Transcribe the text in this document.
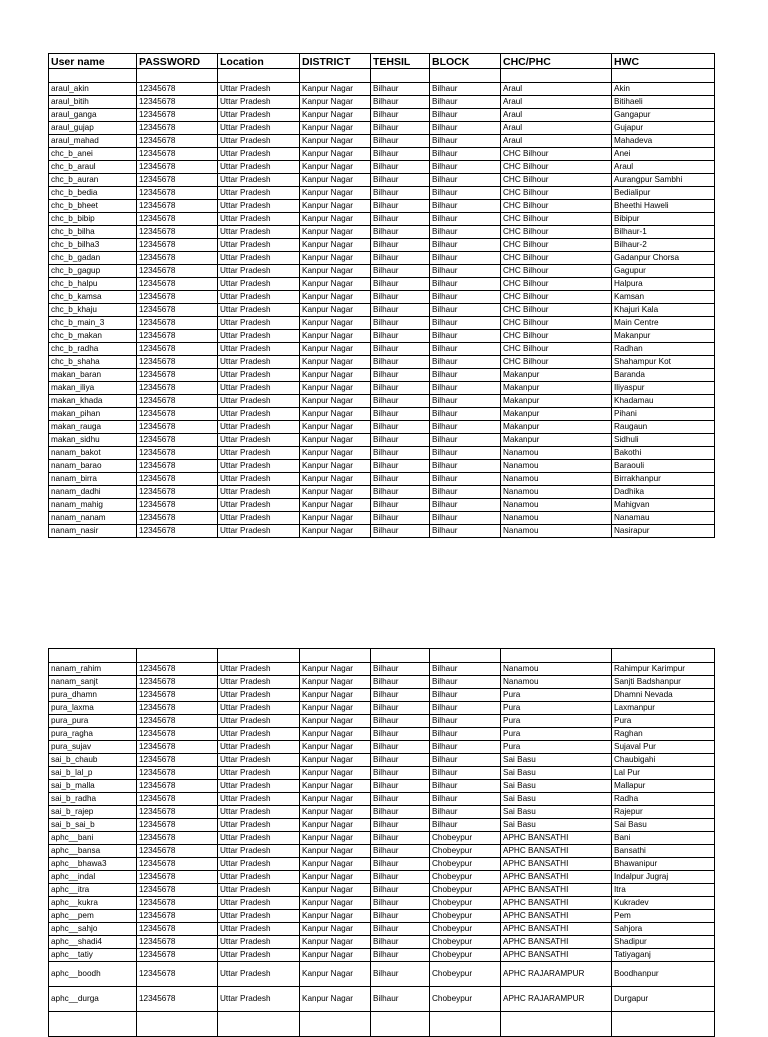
User name	PASSWORD	Location	DISTRICT	TEHSIL	BLOCK	CHC/PHC	HWC

araul_akin	12345678	Uttar Pradesh	Kanpur Nagar	Bilhaur	Bilhaur	Araul	Akin
araul_bitih	12345678	Uttar Pradesh	Kanpur Nagar	Bilhaur	Bilhaur	Araul	Bitihaeli
araul_ganga	12345678	Uttar Pradesh	Kanpur Nagar	Bilhaur	Bilhaur	Araul	Gangapur
araul_gujap	12345678	Uttar Pradesh	Kanpur Nagar	Bilhaur	Bilhaur	Araul	Gujapur
araul_mahad	12345678	Uttar Pradesh	Kanpur Nagar	Bilhaur	Bilhaur	Araul	Mahadeva
chc_b_anei	12345678	Uttar Pradesh	Kanpur Nagar	Bilhaur	Bilhaur	CHC Bilhour	Anei
chc_b_araul	12345678	Uttar Pradesh	Kanpur Nagar	Bilhaur	Bilhaur	CHC Bilhour	Araul
chc_b_auran	12345678	Uttar Pradesh	Kanpur Nagar	Bilhaur	Bilhaur	CHC Bilhour	Aurangpur Sambhi
chc_b_bedia	12345678	Uttar Pradesh	Kanpur Nagar	Bilhaur	Bilhaur	CHC Bilhour	Bedialipur
chc_b_bheet	12345678	Uttar Pradesh	Kanpur Nagar	Bilhaur	Bilhaur	CHC Bilhour	Bheethi Haweli
chc_b_bibip	12345678	Uttar Pradesh	Kanpur Nagar	Bilhaur	Bilhaur	CHC Bilhour	Bibipur
chc_b_bilha	12345678	Uttar Pradesh	Kanpur Nagar	Bilhaur	Bilhaur	CHC Bilhour	Bilhaur-1
chc_b_bilha3	12345678	Uttar Pradesh	Kanpur Nagar	Bilhaur	Bilhaur	CHC Bilhour	Bilhaur-2
chc_b_gadan	12345678	Uttar Pradesh	Kanpur Nagar	Bilhaur	Bilhaur	CHC Bilhour	Gadanpur Chorsa
chc_b_gagup	12345678	Uttar Pradesh	Kanpur Nagar	Bilhaur	Bilhaur	CHC Bilhour	Gagupur
chc_b_halpu	12345678	Uttar Pradesh	Kanpur Nagar	Bilhaur	Bilhaur	CHC Bilhour	Halpura
chc_b_kamsa	12345678	Uttar Pradesh	Kanpur Nagar	Bilhaur	Bilhaur	CHC Bilhour	Kamsan
chc_b_khaju	12345678	Uttar Pradesh	Kanpur Nagar	Bilhaur	Bilhaur	CHC Bilhour	Khajuri Kala
chc_b_main_3	12345678	Uttar Pradesh	Kanpur Nagar	Bilhaur	Bilhaur	CHC Bilhour	Main Centre
chc_b_makan	12345678	Uttar Pradesh	Kanpur Nagar	Bilhaur	Bilhaur	CHC Bilhour	Makanpur
chc_b_radha	12345678	Uttar Pradesh	Kanpur Nagar	Bilhaur	Bilhaur	CHC Bilhour	Radhan
chc_b_shaha	12345678	Uttar Pradesh	Kanpur Nagar	Bilhaur	Bilhaur	CHC Bilhour	Shahampur Kot
makan_baran	12345678	Uttar Pradesh	Kanpur Nagar	Bilhaur	Bilhaur	Makanpur	Baranda
makan_iliya	12345678	Uttar Pradesh	Kanpur Nagar	Bilhaur	Bilhaur	Makanpur	Iliyaspur
makan_khada	12345678	Uttar Pradesh	Kanpur Nagar	Bilhaur	Bilhaur	Makanpur	Khadamau
makan_pihan	12345678	Uttar Pradesh	Kanpur Nagar	Bilhaur	Bilhaur	Makanpur	Pihani
makan_rauga	12345678	Uttar Pradesh	Kanpur Nagar	Bilhaur	Bilhaur	Makanpur	Raugaun
makan_sidhu	12345678	Uttar Pradesh	Kanpur Nagar	Bilhaur	Bilhaur	Makanpur	Sidhuli
nanam_bakot	12345678	Uttar Pradesh	Kanpur Nagar	Bilhaur	Bilhaur	Nanamou	Bakothi
nanam_barao	12345678	Uttar Pradesh	Kanpur Nagar	Bilhaur	Bilhaur	Nanamou	Baraouli
nanam_birra	12345678	Uttar Pradesh	Kanpur Nagar	Bilhaur	Bilhaur	Nanamou	Birrakhanpur
nanam_dadhi	12345678	Uttar Pradesh	Kanpur Nagar	Bilhaur	Bilhaur	Nanamou	Dadhika
nanam_mahig	12345678	Uttar Pradesh	Kanpur Nagar	Bilhaur	Bilhaur	Nanamou	Mahigvan
nanam_nanam	12345678	Uttar Pradesh	Kanpur Nagar	Bilhaur	Bilhaur	Nanamou	Nanamau
nanam_nasir	12345678	Uttar Pradesh	Kanpur Nagar	Bilhaur	Bilhaur	Nanamou	Nasirapur

nanam_rahim	12345678	Uttar Pradesh	Kanpur Nagar	Bilhaur	Bilhaur	Nanamou	Rahimpur Karimpur
nanam_sanjt	12345678	Uttar Pradesh	Kanpur Nagar	Bilhaur	Bilhaur	Nanamou	Sanjti Badshanpur
pura_dhamn	12345678	Uttar Pradesh	Kanpur Nagar	Bilhaur	Bilhaur	Pura	Dhamni Nevada
pura_laxma	12345678	Uttar Pradesh	Kanpur Nagar	Bilhaur	Bilhaur	Pura	Laxmanpur
pura_pura	12345678	Uttar Pradesh	Kanpur Nagar	Bilhaur	Bilhaur	Pura	Pura
pura_ragha	12345678	Uttar Pradesh	Kanpur Nagar	Bilhaur	Bilhaur	Pura	Raghan
pura_sujav	12345678	Uttar Pradesh	Kanpur Nagar	Bilhaur	Bilhaur	Pura	Sujaval Pur
sai_b_chaub	12345678	Uttar Pradesh	Kanpur Nagar	Bilhaur	Bilhaur	Sai Basu	Chaubigahi
sai_b_lal_p	12345678	Uttar Pradesh	Kanpur Nagar	Bilhaur	Bilhaur	Sai Basu	Lal Pur
sai_b_malla	12345678	Uttar Pradesh	Kanpur Nagar	Bilhaur	Bilhaur	Sai Basu	Mallapur
sai_b_radha	12345678	Uttar Pradesh	Kanpur Nagar	Bilhaur	Bilhaur	Sai Basu	Radha
sai_b_rajep	12345678	Uttar Pradesh	Kanpur Nagar	Bilhaur	Bilhaur	Sai Basu	Rajepur
sai_b_sai_b	12345678	Uttar Pradesh	Kanpur Nagar	Bilhaur	Bilhaur	Sai Basu	Sai Basu
aphc__bani	12345678	Uttar Pradesh	Kanpur Nagar	Bilhaur	Chobeypur	APHC BANSATHI	Bani
aphc__bansa	12345678	Uttar Pradesh	Kanpur Nagar	Bilhaur	Chobeypur	APHC BANSATHI	Bansathi
aphc__bhawa3	12345678	Uttar Pradesh	Kanpur Nagar	Bilhaur	Chobeypur	APHC BANSATHI	Bhawanipur
aphc__indal	12345678	Uttar Pradesh	Kanpur Nagar	Bilhaur	Chobeypur	APHC BANSATHI	Indalpur Jugraj
aphc__itra	12345678	Uttar Pradesh	Kanpur Nagar	Bilhaur	Chobeypur	APHC BANSATHI	Itra
aphc__kukra	12345678	Uttar Pradesh	Kanpur Nagar	Bilhaur	Chobeypur	APHC BANSATHI	Kukradev
aphc__pem	12345678	Uttar Pradesh	Kanpur Nagar	Bilhaur	Chobeypur	APHC BANSATHI	Pem
aphc__sahjo	12345678	Uttar Pradesh	Kanpur Nagar	Bilhaur	Chobeypur	APHC BANSATHI	Sahjora
aphc__shadi4	12345678	Uttar Pradesh	Kanpur Nagar	Bilhaur	Chobeypur	APHC BANSATHI	Shadipur
aphc__tatiy	12345678	Uttar Pradesh	Kanpur Nagar	Bilhaur	Chobeypur	APHC BANSATHI	Tatiyaganj
aphc__boodh	12345678	Uttar Pradesh	Kanpur Nagar	Bilhaur	Chobeypur	APHC RAJARAMPUR	Boodhanpur
aphc__durga	12345678	Uttar Pradesh	Kanpur Nagar	Bilhaur	Chobeypur	APHC RAJARAMPUR	Durgapur
